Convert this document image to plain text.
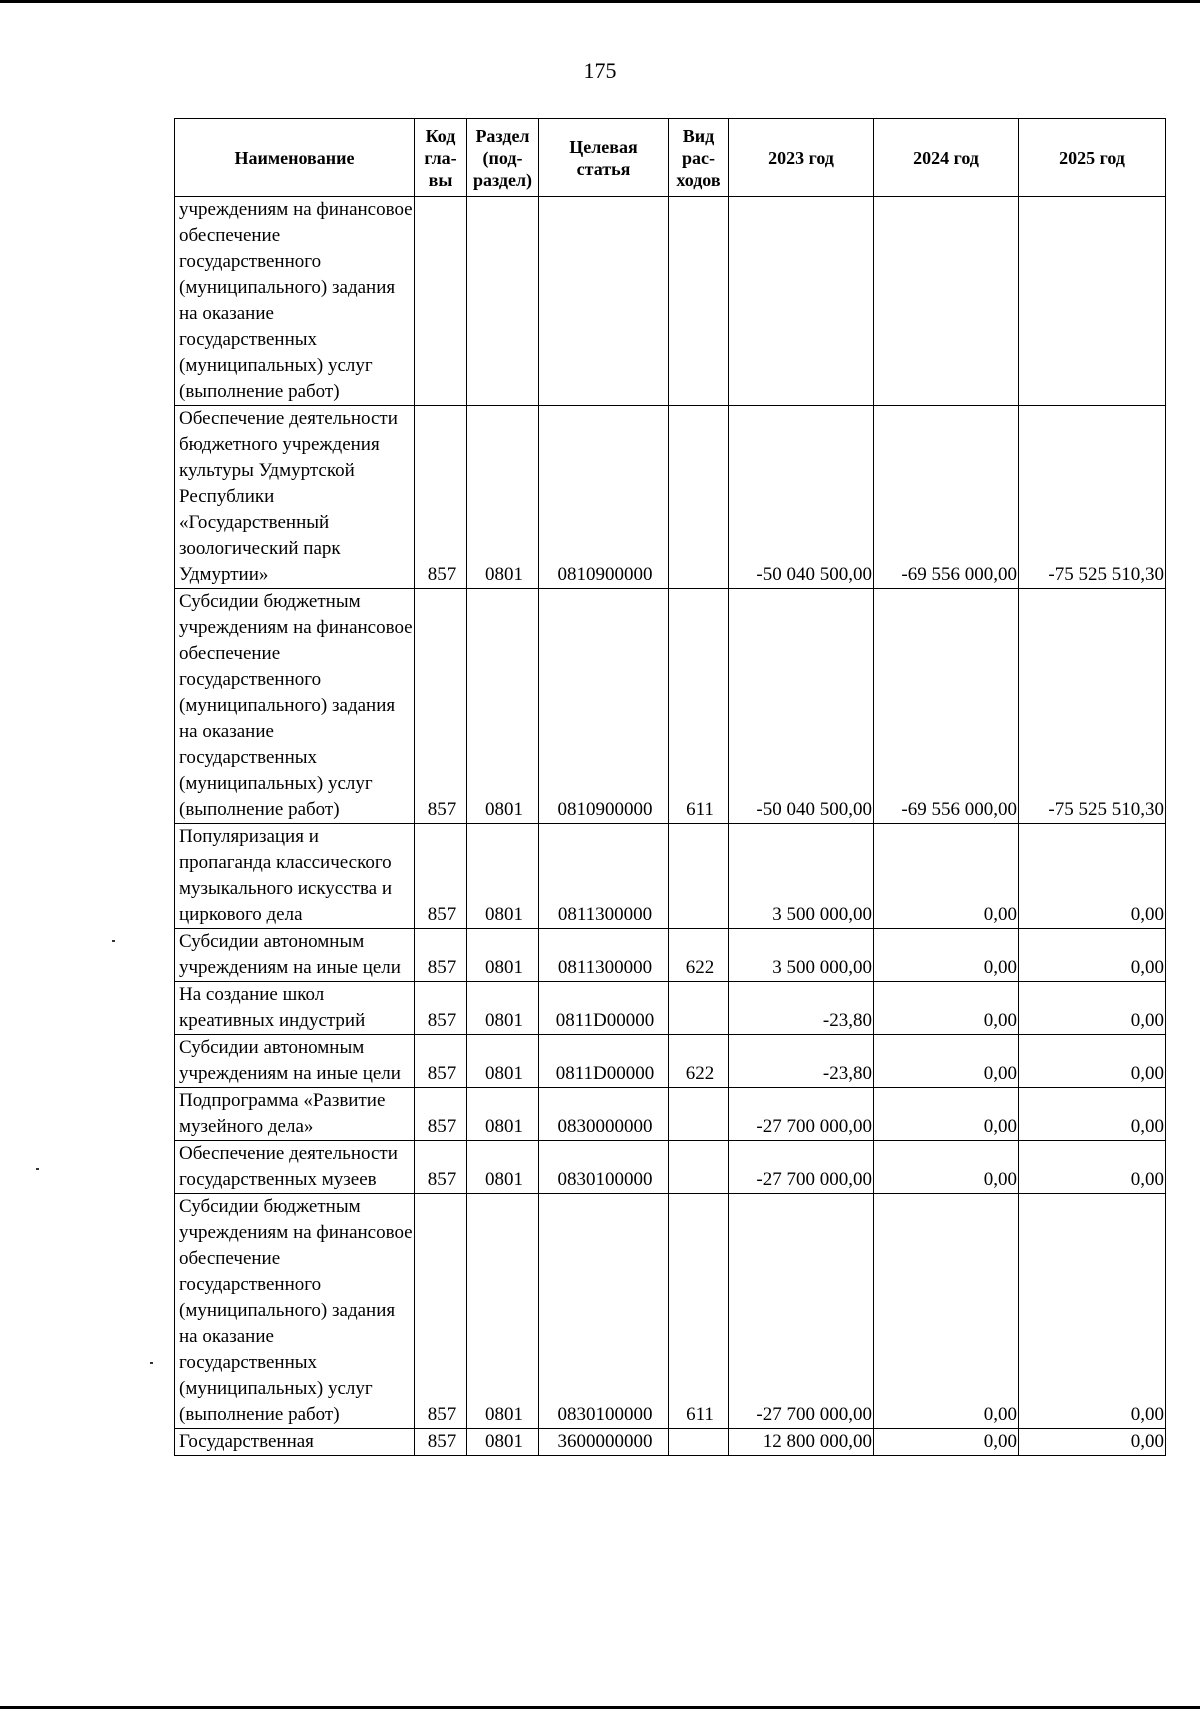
175
Наименование	Код гла-вы	Раздел (под-раздел)	Целевая статья	Вид рас-ходов	2023 год	2024 год	2025 год
учреждениям на финансовое обеспечение государственного (муниципального) задания на оказание государственных (муниципальных) услуг (выполнение работ)							
Обеспечение деятельности бюджетного учреждения культуры Удмуртской Республики «Государственный зоологический парк Удмуртии»	857	0801	0810900000		-50 040 500,00	-69 556 000,00	-75 525 510,30
Субсидии бюджетным учреждениям на финансовое обеспечение государственного (муниципального) задания на оказание государственных (муниципальных) услуг (выполнение работ)	857	0801	0810900000	611	-50 040 500,00	-69 556 000,00	-75 525 510,30
Популяризация и пропаганда классического музыкального искусства и циркового дела	857	0801	0811300000		3 500 000,00	0,00	0,00
Субсидии автономным учреждениям на иные цели	857	0801	0811300000	622	3 500 000,00	0,00	0,00
На создание школ креативных индустрий	857	0801	0811D00000		-23,80	0,00	0,00
Субсидии автономным учреждениям на иные цели	857	0801	0811D00000	622	-23,80	0,00	0,00
Подпрограмма «Развитие музейного дела»	857	0801	0830000000		-27 700 000,00	0,00	0,00
Обеспечение деятельности государственных музеев	857	0801	0830100000		-27 700 000,00	0,00	0,00
Субсидии бюджетным учреждениям на финансовое обеспечение государственного (муниципального) задания на оказание государственных (муниципальных) услуг (выполнение работ)	857	0801	0830100000	611	-27 700 000,00	0,00	0,00
Государственная	857	0801	3600000000		12 800 000,00	0,00	0,00
